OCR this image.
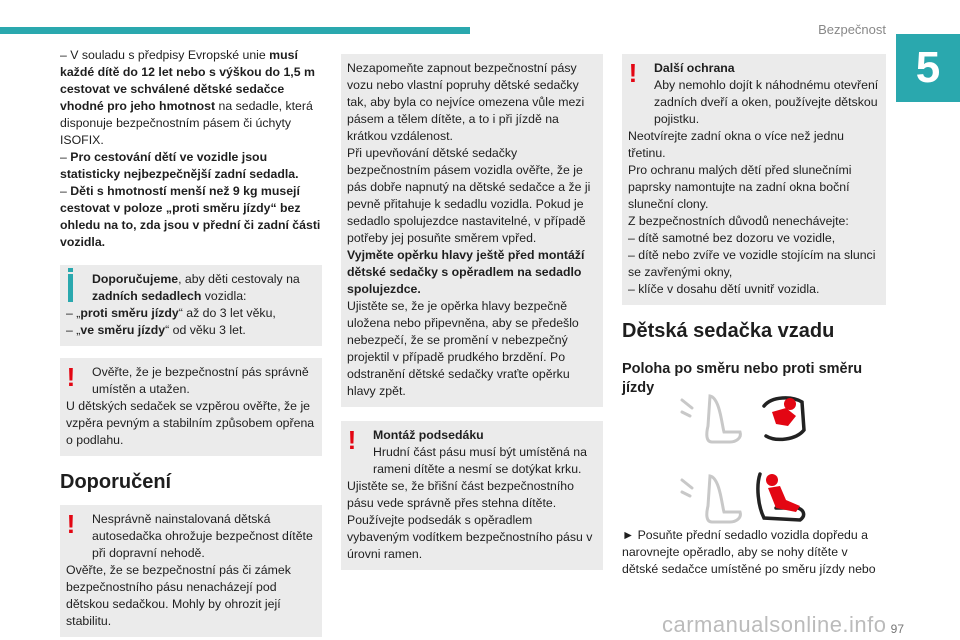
Bezpečnost
5

– V souladu s předpisy Evropské unie musí každé dítě do 12 let nebo s výškou do 1,5 m cestovat ve schválené dětské sedačce vhodné pro jeho hmotnost na sedadle, která disponuje bezpečnostním pásem či úchyty ISOFIX.

– Pro cestování dětí ve vozidle jsou statisticky nejbezpečnější zadní sedadla.

– Děti s hmotností menší než 9 kg musejí cestovat v poloze „proti směru jízdy“ bez ohledu na to, zda jsou v přední či zadní části vozidla.

Doporučujeme, aby děti cestovaly na zadních sedadlech vozidla:

– „proti směru jízdy“ až do 3 let věku,

– „ve směru jízdy“ od věku 3 let.

!	Ověřte, že je bezpečnostní pás správně umístěn a utažen.

U dětských sedaček se vzpěrou ověřte, že je vzpěra pevným a stabilním způsobem opřena o podlahu.

Doporučení
!	Nesprávně nainstalovaná dětská autosedačka ohrožuje bezpečnost dítěte při dopravní nehodě.

Ověřte, že se bezpečnostní pás či zámek bezpečnostního pásu nenacházejí pod dětskou sedačkou. Mohly by ohrozit její stabilitu.

Nezapomeňte zapnout bezpečnostní pásy vozu nebo vlastní popruhy dětské sedačky tak, aby byla co nejvíce omezena vůle mezi pásem a tělem dítěte, a to i při jízdě na krátkou vzdálenost.

Při upevňování dětské sedačky bezpečnostním pásem vozidla ověřte, že je pás dobře napnutý na dětské sedačce a že ji pevně přitahuje k sedadlu vozidla. Pokud je sedadlo spolujezdce nastavitelné, v případě potřeby jej posuňte směrem vpřed.

Vyjměte opěrku hlavy ještě před montáží dětské sedačky s opěradlem na sedadlo spolujezdce.

Ujistěte se, že je opěrka hlavy bezpečně uložena nebo připevněna, aby se předešlo nebezpečí, že se promění v nebezpečný projektil v případě prudkého brzdění. Po odstranění dětské sedačky vraťte opěrku hlavy zpět.

!	Montáž podsedáku
Hrudní část pásu musí být umístěná na rameni dítěte a nesmí se dotýkat krku.

Ujistěte se, že břišní část bezpečnostního pásu vede správně přes stehna dítěte.

Používejte podsedák s opěradlem vybaveným vodítkem bezpečnostního pásu v úrovni ramen.

!	Další ochrana
Aby nemohlo dojít k náhodnému otevření zadních dveří a oken, používejte dětskou pojistku.

Neotvírejte zadní okna o více než jednu třetinu.

Pro ochranu malých dětí před slunečními paprsky namontujte na zadní okna boční sluneční clony.

Z bezpečnostních důvodů nenechávejte:

– dítě samotné bez dozoru ve vozidle,

– dítě nebo zvíře ve vozidle stojícím na slunci se zavřenými okny,

– klíče v dosahu dětí uvnitř vozidla.

Dětská sedačka vzadu
Poloha po směru nebo proti směru jízdy

► Posuňte přední sedadlo vozidla dopředu a narovnejte opěradlo, aby se nohy dítěte v dětské sedačce umístěné po směru jízdy nebo

97
carmanualsonline.info
